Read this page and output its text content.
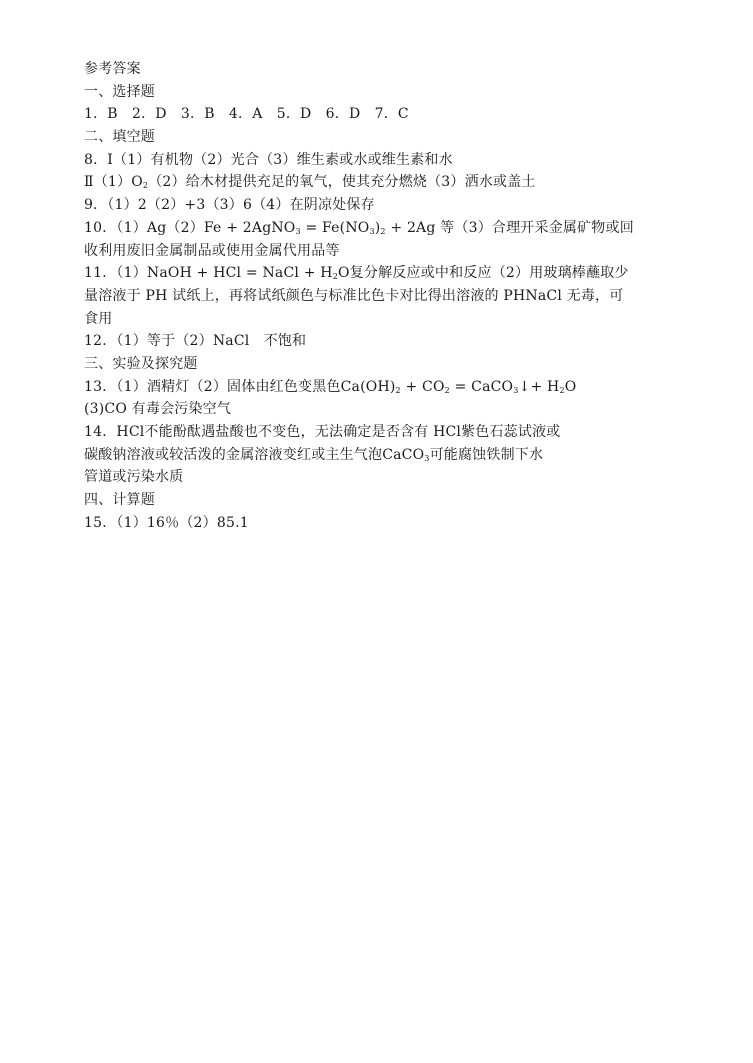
参考答案
一、选择题
1．B　2．D　3．B　4．A　5．D　6．D　7．C
二、填空题
8．Ⅰ（1）有机物（2）光合（3）维生素或水或维生素和水
$Ⅱ(1)O_2(2)$给木材提供充足的氧气，使其充分燃烧（3）洒水或盖土
9．（1）2（2）+3（3）6（4）在阴凉处保存
10．（1）Ag（2）Fe + 2AgNO$_3$ = $Fe(NO_3)_2 + 2Ag$ 等（3）合理开采金属矿物或回
收利用废旧金属制品或使用金属代用品等
11．（1）NaOH + HCl = NaCl + $H_2O$复分解反应或中和反应（2）用玻璃棒蘸取少
量溶液于 PH 试纸上，再将试纸颜色与标准比色卡对比得出溶液的 PHNaCl 无毒，可
食用
12．（1）等于（2）NaCl　不饱和
三、实验及探究题
13．（1）酒精灯（2）固体由红色变黑色$Ca(OH)_2 + CO_2$ = CaCO$_3$↓+ $H_2O$
(3)CO 有毒会污染空气
14．HCl不能酚酞遇盐酸也不变色，无法确定是否含有 HCl紫色石蕊试液或
碳酸钠溶液或较活泼的金属溶液变红或主生气泡CaCO$_3$可能腐蚀铁制下水
管道或污染水质
四、计算题
15．（1）16％（2）85.1
